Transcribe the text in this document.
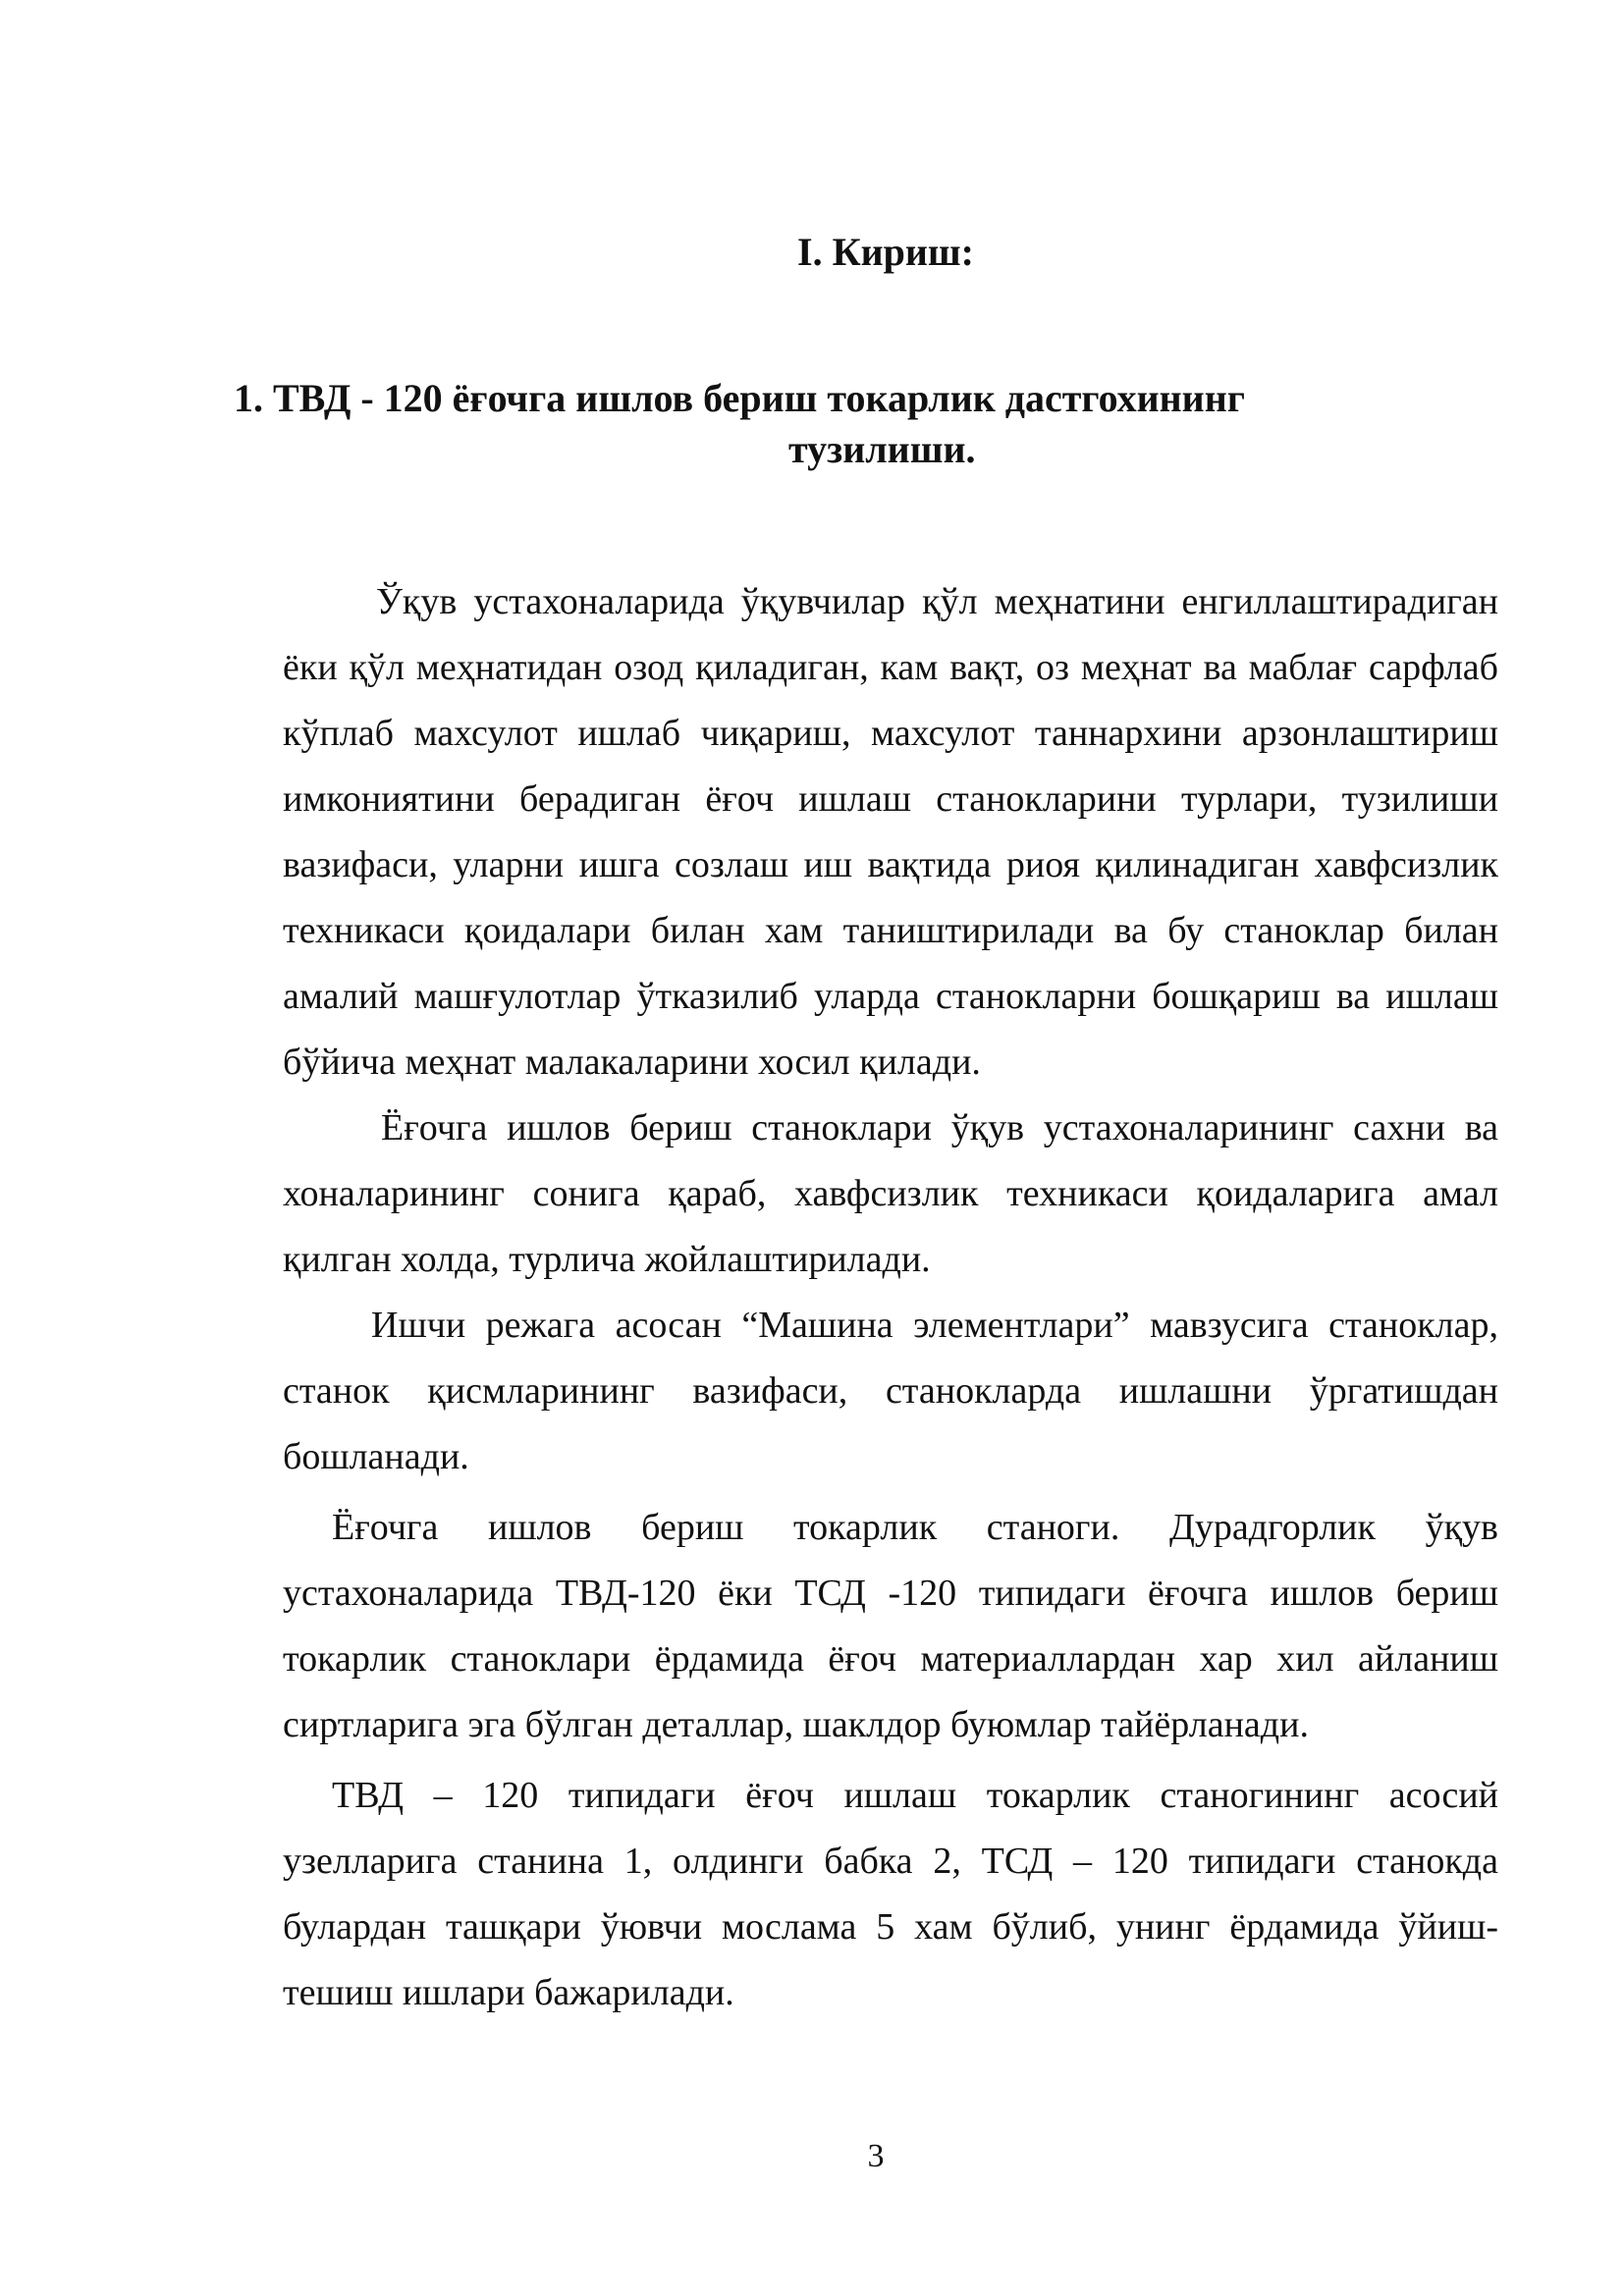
I. Кириш:
1. ТВД - 120 ёғочга ишлов бериш токарлик дастгохининг
тузилиши.

Ўқув устахоналарида ўқувчилар қўл меҳнатини енгиллаштирадиган ёки қўл меҳнатидан озод қиладиган, кам вақт, оз меҳнат ва маблағ сарфлаб кўплаб махсулот ишлаб чиқариш, махсулот таннархини арзонлаштириш имкониятини берадиган ёғоч ишлаш станокларини турлари, тузилиши вазифаси, уларни ишга созлаш иш вақтида риоя қилинадиган хавфсизлик техникаси қоидалари билан хам таништирилади ва бу станоклар билан амалий машғулотлар ўтказилиб уларда станокларни бошқариш ва ишлаш бўйича меҳнат малакаларини хосил қилади.

Ёғочга ишлов бериш станоклари ўқув устахоналарининг сахни ва хоналарининг сонига қараб, хавфсизлик техникаси қоидаларига амал қилган холда, турлича жойлаштирилади.

Ишчи режага асосан “Машина элементлари” мавзусига станоклар, станок қисмларининг вазифаси, станокларда ишлашни ўргатишдан бошланади.

Ёғочга ишлов бериш токарлик станоги. Дурадгорлик ўқув устахоналарида ТВД-120 ёки ТСД -120 типидаги ёғочга ишлов бериш токарлик станоклари ёрдамида ёғоч материаллардан хар хил айланиш сиртларига эга бўлган деталлар, шаклдор буюмлар тайёрланади.

ТВД – 120 типидаги ёғоч ишлаш токарлик станогининг асосий узелларига станина 1, олдинги бабка 2, ТСД – 120 типидаги станокда булардан ташқари ўювчи мослама 5 хам бўлиб, унинг ёрдамида ўйиш-тешиш ишлари бажарилади.

3
